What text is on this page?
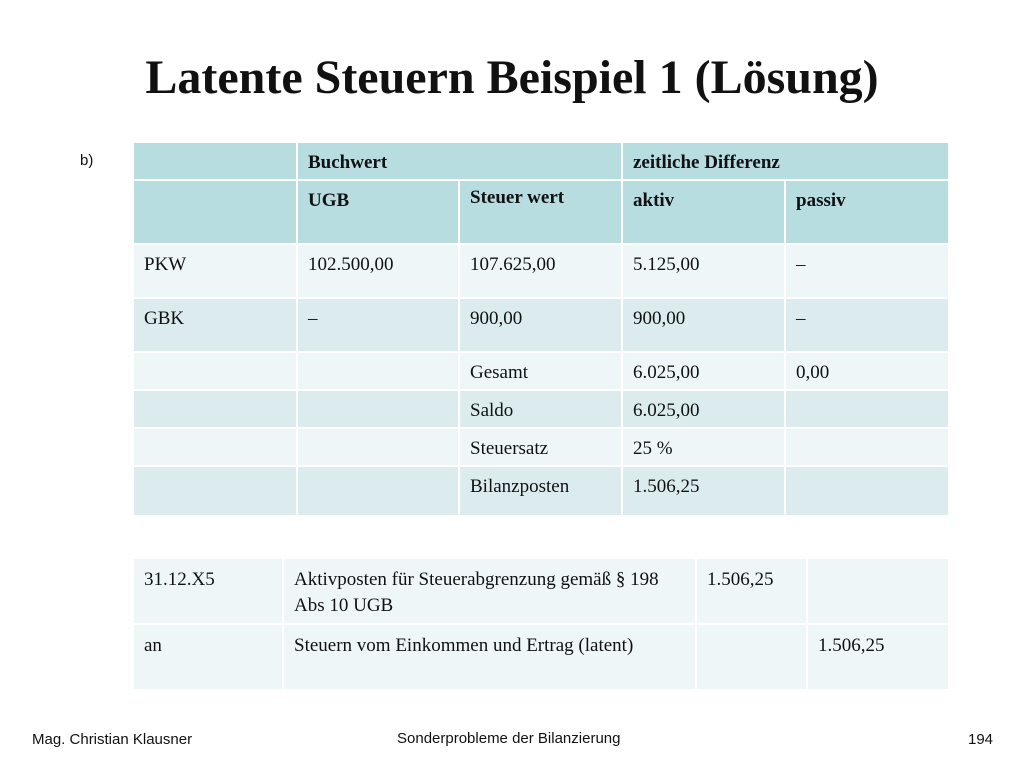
Latente Steuern Beispiel 1 (Lösung)
b)
		Buchwert		zeitliche Differenz	
	UGB	Steuer wert	aktiv	passiv
PKW	102.500,00	107.625,00	5.125,00	–
GBK	–	900,00	900,00	–
		Gesamt	6.025,00	0,00
		Saldo	6.025,00	
		Steuersatz	25 %	
		Bilanzposten	1.506,25	
31.12.X5	Aktivposten für Steuerabgrenzung gemäß § 198 Abs 10 UGB	1.506,25	
an	Steuern vom Einkommen und Ertrag (latent)		1.506,25
Mag. Christian Klausner	Sonderprobleme der Bilanzierung	194
